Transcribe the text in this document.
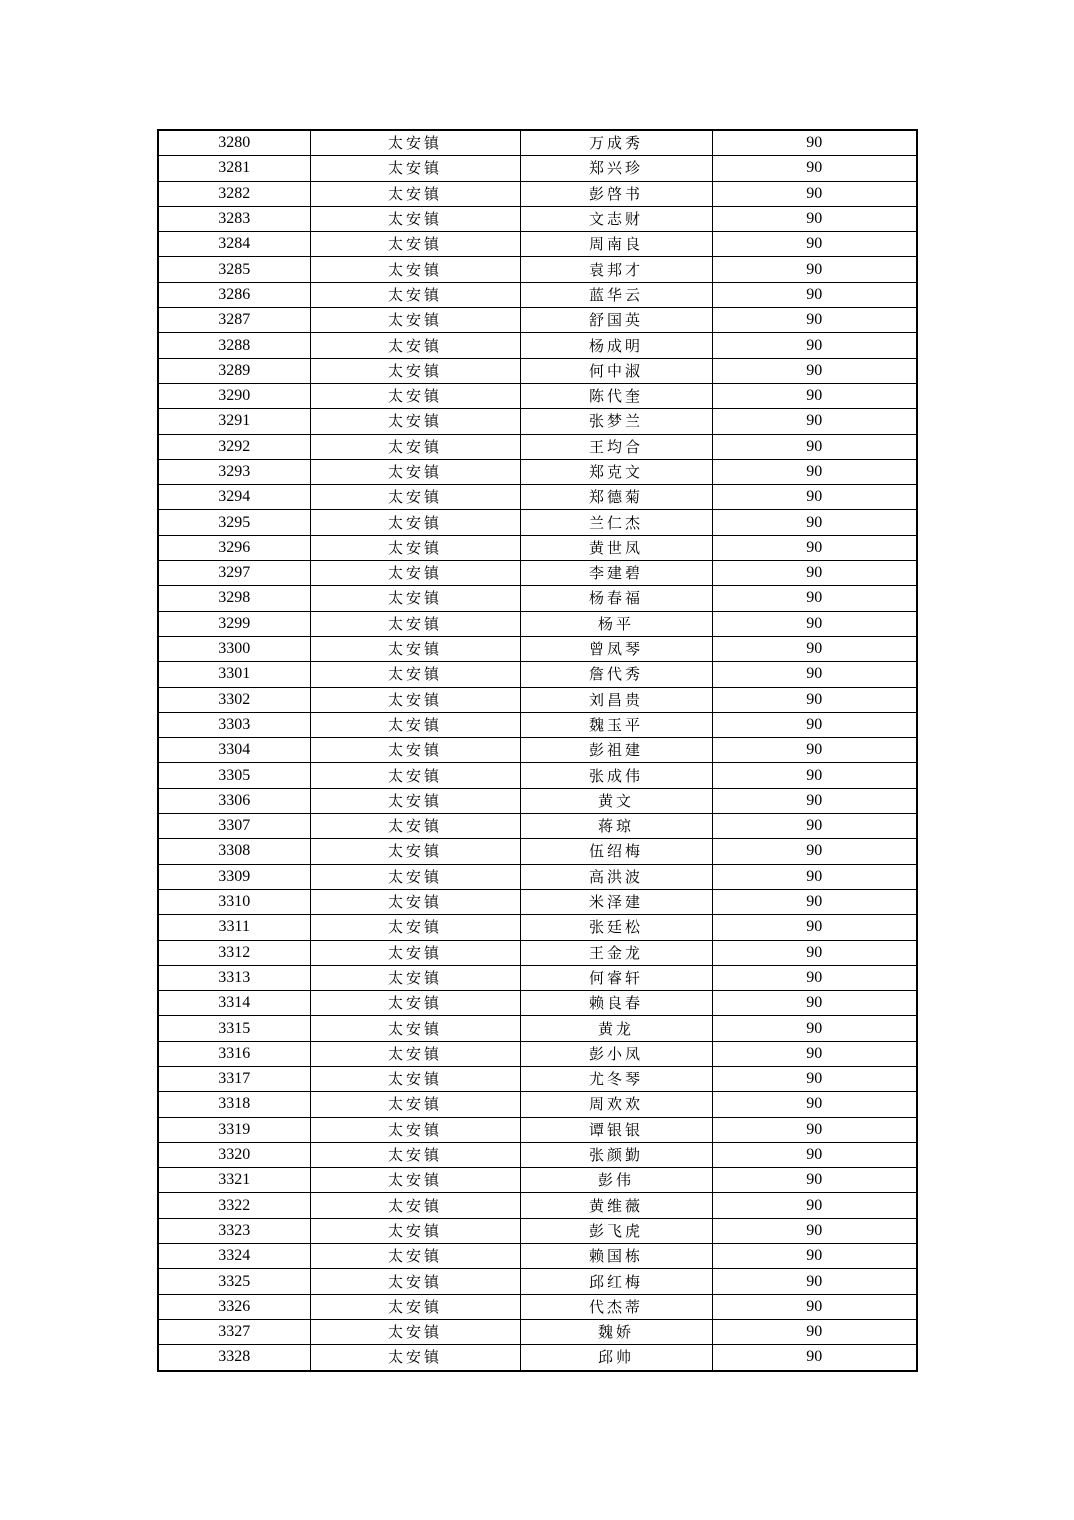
3280	太安镇	万成秀	90
3281	太安镇	郑兴珍	90
3282	太安镇	彭啓书	90
3283	太安镇	文志财	90
3284	太安镇	周南良	90
3285	太安镇	袁邦才	90
3286	太安镇	蓝华云	90
3287	太安镇	舒国英	90
3288	太安镇	杨成明	90
3289	太安镇	何中淑	90
3290	太安镇	陈代奎	90
3291	太安镇	张梦兰	90
3292	太安镇	王均合	90
3293	太安镇	郑克文	90
3294	太安镇	郑德菊	90
3295	太安镇	兰仁杰	90
3296	太安镇	黄世凤	90
3297	太安镇	李建碧	90
3298	太安镇	杨春福	90
3299	太安镇	杨平	90
3300	太安镇	曾凤琴	90
3301	太安镇	詹代秀	90
3302	太安镇	刘昌贵	90
3303	太安镇	魏玉平	90
3304	太安镇	彭祖建	90
3305	太安镇	张成伟	90
3306	太安镇	黄文	90
3307	太安镇	蒋琼	90
3308	太安镇	伍绍梅	90
3309	太安镇	高洪波	90
3310	太安镇	米泽建	90
3311	太安镇	张廷松	90
3312	太安镇	王金龙	90
3313	太安镇	何睿轩	90
3314	太安镇	赖良春	90
3315	太安镇	黄龙	90
3316	太安镇	彭小凤	90
3317	太安镇	尤冬琴	90
3318	太安镇	周欢欢	90
3319	太安镇	谭银银	90
3320	太安镇	张颜勤	90
3321	太安镇	彭伟	90
3322	太安镇	黄维薇	90
3323	太安镇	彭飞虎	90
3324	太安镇	赖国栋	90
3325	太安镇	邱红梅	90
3326	太安镇	代杰蒂	90
3327	太安镇	魏娇	90
3328	太安镇	邱帅	90
